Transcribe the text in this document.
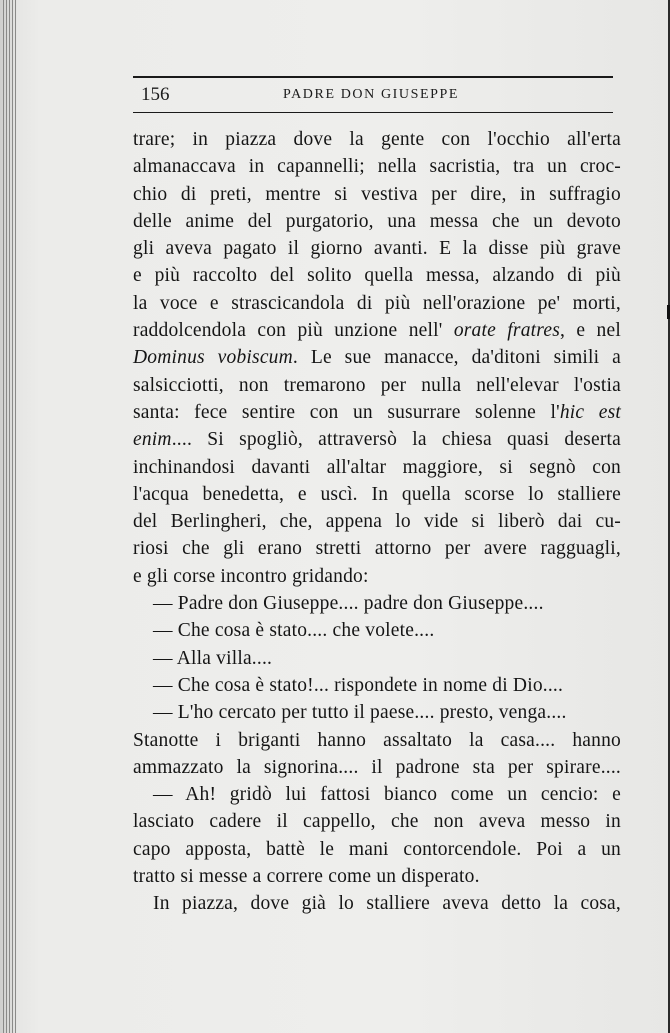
156	PADRE DON GIUSEPPE
trare; in piazza dove la gente con l'occhio all'erta
almanaccava in capannelli; nella sacristia, tra un croc-
chio di preti, mentre si vestiva per dire, in suffragio
delle anime del purgatorio, una messa che un devoto
gli aveva pagato il giorno avanti. E la disse più grave
e più raccolto del solito quella messa, alzando di più
la voce e strascicandola di più nell'orazione pe' morti,
raddolcendola con più unzione nell' orate fratres, e nel
Dominus vobiscum. Le sue manacce, da'ditoni simili a
salsicciotti, non tremarono per nulla nell'elevar l'ostia
santa: fece sentire con un susurrare solenne l'hic est
enim.... Si spogliò, attraversò la chiesa quasi deserta
inchinandosi davanti all'altar maggiore, si segnò con
l'acqua benedetta, e uscì. In quella scorse lo stalliere
del Berlingheri, che, appena lo vide si liberò dai cu-
riosi che gli erano stretti attorno per avere ragguagli,
e gli corse incontro gridando:
— Padre don Giuseppe.... padre don Giuseppe....
— Che cosa è stato.... che volete....
— Alla villa....
— Che cosa è stato!... rispondete in nome di Dio....
— L'ho cercato per tutto il paese.... presto, venga....
Stanotte i briganti hanno assaltato la casa.... hanno
ammazzato la signorina.... il padrone sta per spirare....
— Ah! gridò lui fattosi bianco come un cencio: e
lasciato cadere il cappello, che non aveva messo in
capo apposta, battè le mani contorcendole. Poi a un
tratto si messe a correre come un disperato.
In piazza, dove già lo stalliere aveva detto la cosa,
